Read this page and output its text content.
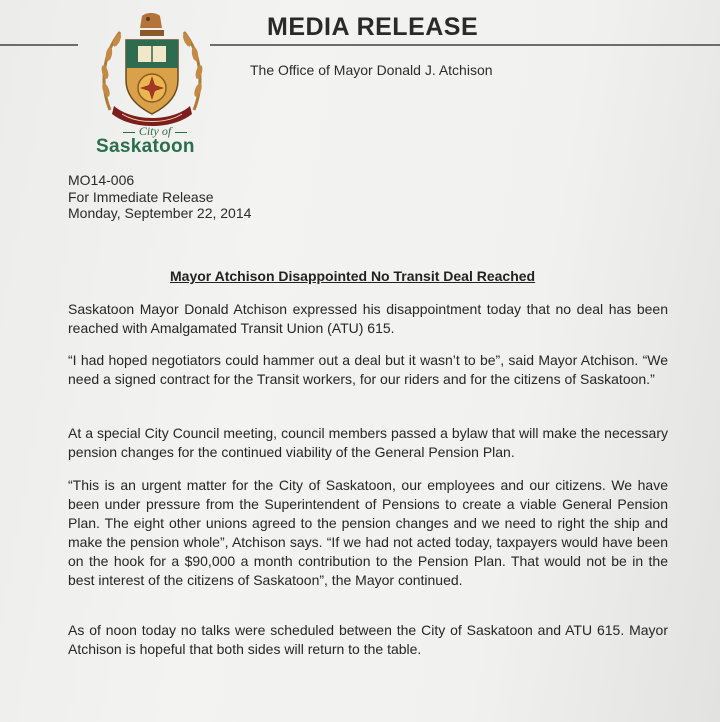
MEDIA RELEASE
The Office of Mayor Donald J. Atchison
City of
Saskatoon
MO14-006
For Immediate Release
Monday, September 22, 2014
Mayor Atchison Disappointed No Transit Deal Reached
Saskatoon Mayor Donald Atchison expressed his disappointment today that no deal has been reached with Amalgamated Transit Union (ATU) 615.
“I had hoped negotiators could hammer out a deal but it wasn’t to be”, said Mayor Atchison. “We need a signed contract for the Transit workers, for our riders and for the citizens of Saskatoon.”
At a special City Council meeting, council members passed a bylaw that will make the necessary pension changes for the continued viability of the General Pension Plan.
“This is an urgent matter for the City of Saskatoon, our employees and our citizens. We have been under pressure from the Superintendent of Pensions to create a viable General Pension Plan. The eight other unions agreed to the pension changes and we need to right the ship and make the pension whole”, Atchison says. “If we had not acted today, taxpayers would have been on the hook for a $90,000 a month contribution to the Pension Plan. That would not be in the best interest of the citizens of Saskatoon”, the Mayor continued.
As of noon today no talks were scheduled between the City of Saskatoon and ATU 615. Mayor Atchison is hopeful that both sides will return to the table.
